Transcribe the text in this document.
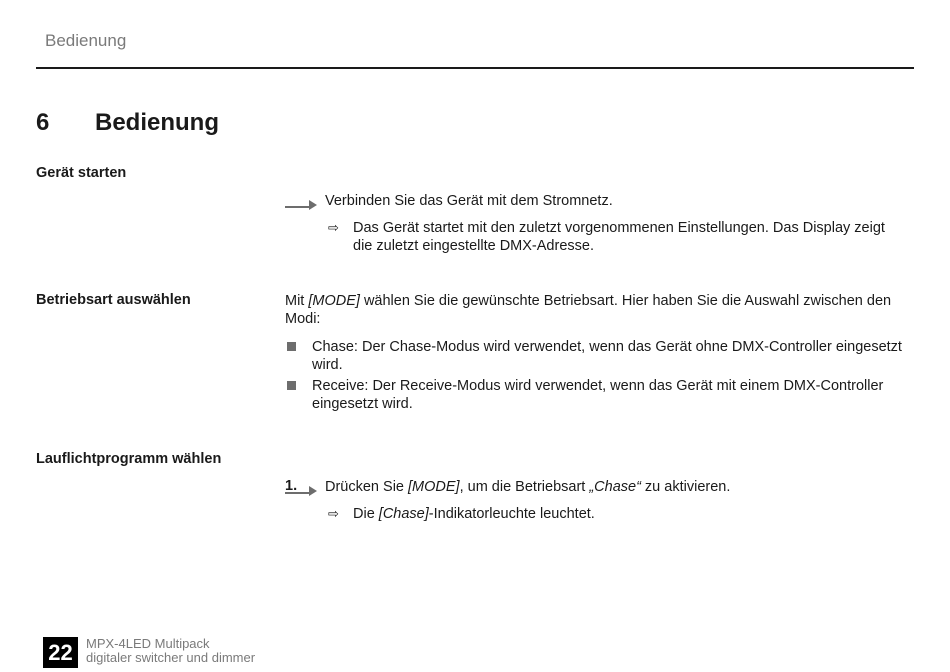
Bedienung
6 Bedienung
Gerät starten
Verbinden Sie das Gerät mit dem Stromnetz.
⇨ Das Gerät startet mit den zuletzt vorgenommenen Einstellungen. Das Display zeigt
die zuletzt eingestellte DMX-Adresse.
Betriebsart auswählen	Mit [MODE] wählen Sie die gewünschte Betriebsart. Hier haben Sie die Auswahl zwischen den
Modi:
Chase: Der Chase-Modus wird verwendet, wenn das Gerät ohne DMX-Controller eingesetzt
wird.
Receive: Der Receive-Modus wird verwendet, wenn das Gerät mit einem DMX-Controller
eingesetzt wird.
Lauflichtprogramm wählen
1. Drücken Sie [MODE], um die Betriebsart „Chase“ zu aktivieren.
⇨ Die [Chase]-Indikatorleuchte leuchtet.
22	MPX-4LED Multipack
digitaler switcher und dimmer
